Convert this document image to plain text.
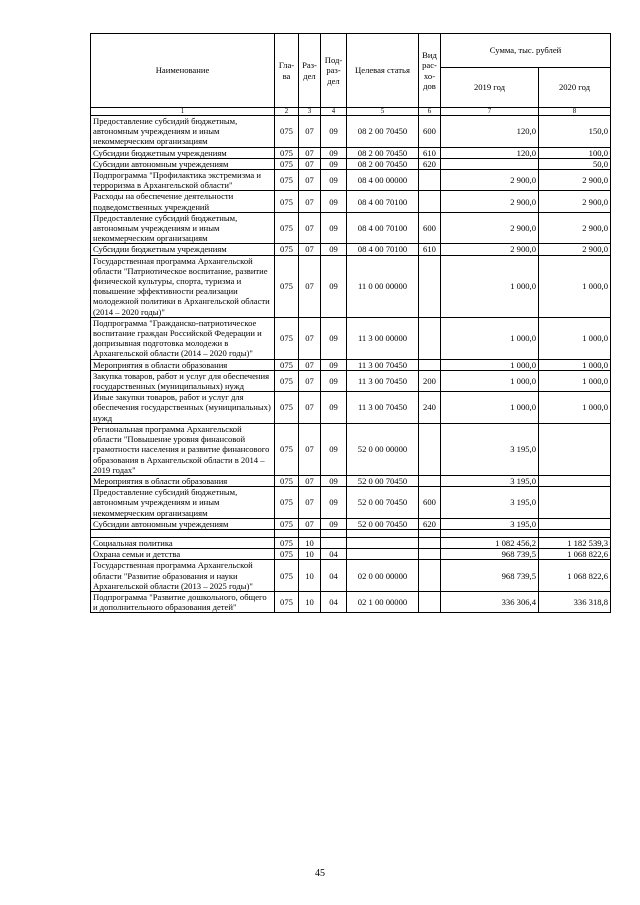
Наименование	Гла-ва	Раз-дел	Под-раз-дел	Целевая статья	Вид рас-хо-дов	Сумма, тыс. рублей	
						2019 год	2020 год
1	2	3	4	5	6	7	8
Предоставление субсидий бюджетным, автономным учреждениям и иным некоммерческим организациям	075	07	09	08 2 00 70450	600	120,0	150,0
Субсидии бюджетным учреждениям	075	07	09	08 2 00 70450	610	120,0	100,0
Субсидии автономным учреждениям	075	07	09	08 2 00 70450	620		50,0
Подпрограмма "Профилактика экстремизма и терроризма в Архангельской области"	075	07	09	08 4 00 00000		2 900,0	2 900,0
Расходы на обеспечение деятельности подведомственных учреждений	075	07	09	08 4 00 70100		2 900,0	2 900,0
Предоставление субсидий бюджетным, автономным учреждениям и иным некоммерческим организациям	075	07	09	08 4 00 70100	600	2 900,0	2 900,0
Субсидии бюджетным учреждениям	075	07	09	08 4 00 70100	610	2 900,0	2 900,0
Государственная программа Архангельской области "Патриотическое воспитание, развитие физической культуры, спорта, туризма и повышение эффективности реализации молодежной политики в Архангельской области (2014 – 2020 годы)"	075	07	09	11 0 00 00000		1 000,0	1 000,0
Подпрограмма "Гражданско-патриотическое воспитание граждан Российской Федерации и допризывная подготовка молодежи в Архангельской области (2014 – 2020 годы)"	075	07	09	11 3 00 00000		1 000,0	1 000,0
Мероприятия в области образования	075	07	09	11 3 00 70450		1 000,0	1 000,0
Закупка товаров, работ и услуг для обеспечения государственных (муниципальных) нужд	075	07	09	11 3 00 70450	200	1 000,0	1 000,0
Иные закупки товаров, работ и услуг для обеспечения государственных (муниципальных) нужд	075	07	09	11 3 00 70450	240	1 000,0	1 000,0
Региональная программа Архангельской области "Повышение уровня финансовой грамотности населения и развитие финансового образования в Архангельской области в 2014 – 2019 годах"	075	07	09	52 0 00 00000		3 195,0	
Мероприятия в области образования	075	07	09	52 0 00 70450		3 195,0	
Предоставление субсидий бюджетным, автономным учреждениям и иным некоммерческим организациям	075	07	09	52 0 00 70450	600	3 195,0	
Субсидии автономным учреждениям	075	07	09	52 0 00 70450	620	3 195,0	

Социальная политика	075	10				1 082 456,2	1 182 539,3
Охрана семьи и детства	075	10	04			968 739,5	1 068 822,6
Государственная программа Архангельской области "Развитие образования и науки Архангельской области (2013 – 2025 годы)"	075	10	04	02 0 00 00000		968 739,5	1 068 822,6
Подпрограмма "Развитие дошкольного, общего и дополнительного образования детей"	075	10	04	02 1 00 00000		336 306,4	336 318,8
45
